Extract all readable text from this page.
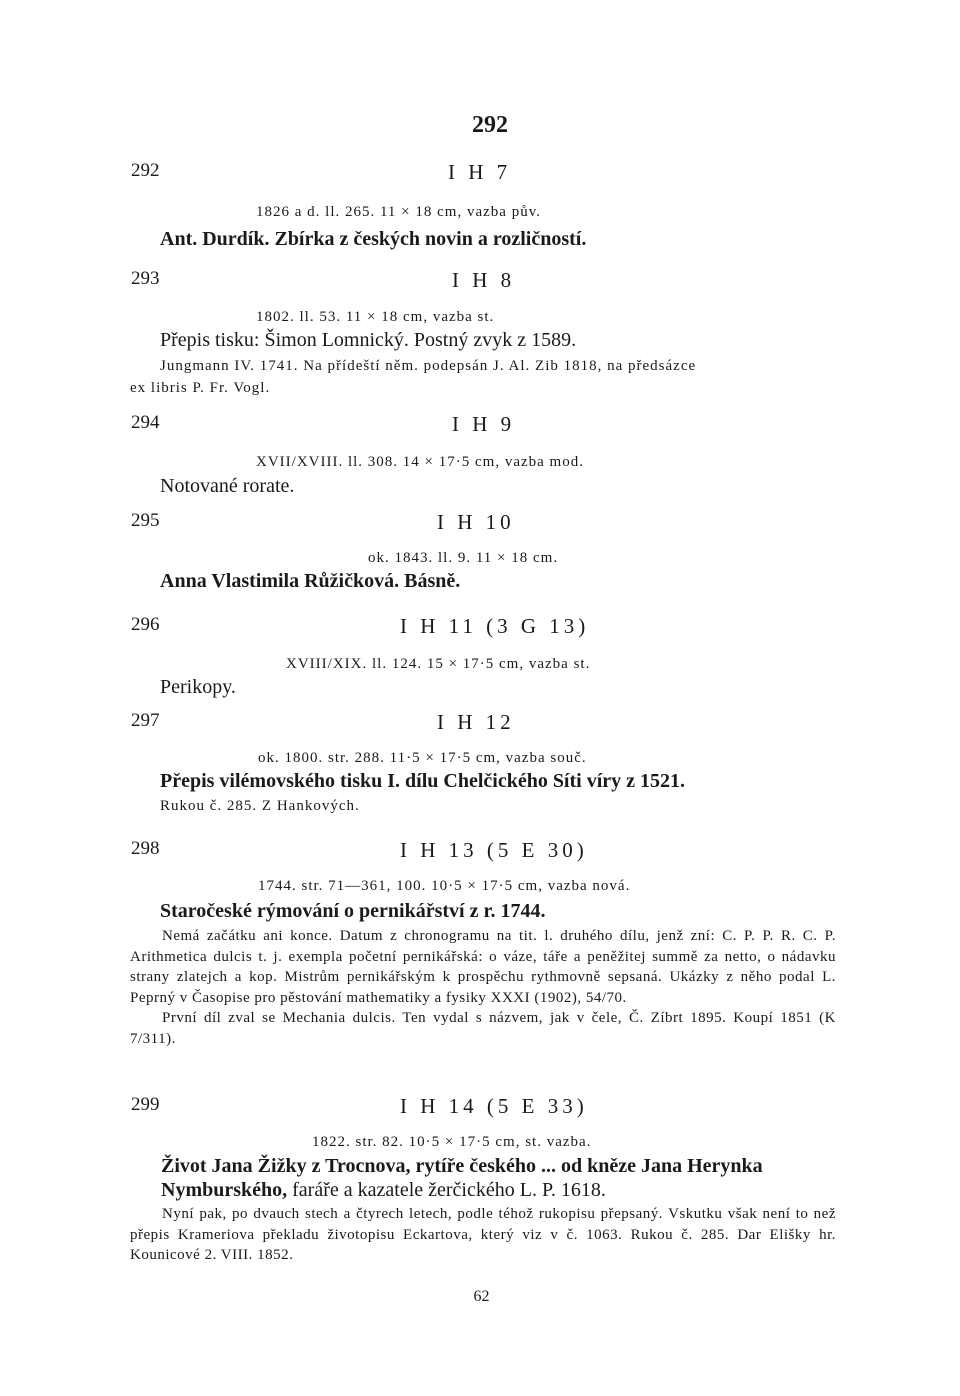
292
292	I H 7
1826 a d. ll. 265. 11 × 18 cm, vazba pův.
Ant. Durdík. Zbírka z českých novin a rozličností.
293	I H 8
1802. ll. 53. 11 × 18 cm, vazba st.
Přepis tisku: Šimon Lomnický. Postný zvyk z 1589.
Jungmann IV. 1741. Na přídeští něm. podepsán J. Al. Zib 1818, na předsázce
ex libris P. Fr. Vogl.
294	I H 9
XVII/XVIII. ll. 308. 14 × 17·5 cm, vazba mod.
Notované rorate.
295	I H 10
ok. 1843. ll. 9. 11 × 18 cm.
Anna Vlastimila Růžičková. Básně.
296	I H 11 (3 G 13)
XVIII/XIX. ll. 124. 15 × 17·5 cm, vazba st.
Perikopy.
297	I H 12
ok. 1800. str. 288. 11·5 × 17·5 cm, vazba souč.
Přepis vilémovského tisku I. dílu Chelčického Síti víry z 1521.
Rukou č. 285. Z Hankových.
298	I H 13 (5 E 30)
1744. str. 71—361, 100. 10·5 × 17·5 cm, vazba nová.
Staročeské rýmování o pernikářství z r. 1744.

Nemá začátku ani konce. Datum z chronogramu na tit. l. druhého dílu, jenž zní: C. P. P. R. C. P. Arithmetica dulcis t. j. exempla početní pernikářská: o váze, táře a peněžitej summě za netto, o nádavku strany zlatejch a kop. Mistrům pernikářským k prospěchu rythmovně sepsaná. Ukázky z něho podal L. Peprný v Časopise pro pěstování mathematiky a fysiky XXXI (1902), 54/70.

První díl zval se Mechania dulcis. Ten vydal s názvem, jak v čele, Č. Zíbrt 1895. Koupí 1851 (K 7/311).

299	I H 14 (5 E 33)
1822. str. 82. 10·5 × 17·5 cm, st. vazba.
Život Jana Žižky z Trocnova, rytíře českého ... od kněze Jana Herynka Nymburského, faráře a kazatele žerčického L. P. 1618.

Nyní pak, po dvauch stech a čtyrech letech, podle téhož rukopisu přepsaný. Vskutku však není to než přepis Krameriova překladu životopisu Eckartova, který viz v č. 1063. Rukou č. 285. Dar Elišky hr. Kounicové 2. VIII. 1852.

62
